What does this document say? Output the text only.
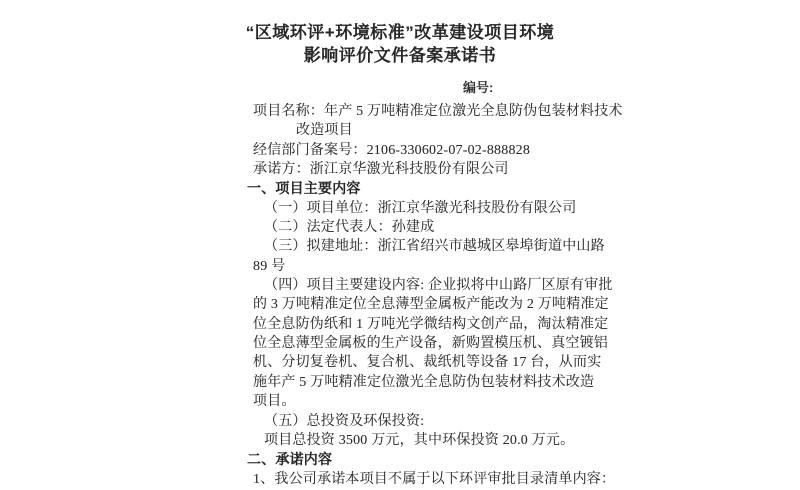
“区域环评+环境标准”改革建设项目环境
影响评价文件备案承诺书
编号:
项目名称：年产 5 万吨精准定位激光全息防伪包装材料技术
改造项目
经信部门备案号：2106-330602-07-02-888828
承诺方：浙江京华激光科技股份有限公司
一、项目主要内容
（一）项目单位：浙江京华激光科技股份有限公司
（二）法定代表人：孙建成
（三）拟建地址：浙江省绍兴市越城区皋埠街道中山路
89 号
（四）项目主要建设内容: 企业拟将中山路厂区原有审批
的 3 万吨精准定位全息薄型金属板产能改为 2 万吨精准定
位全息防伪纸和 1 万吨光学微结构文创产品，淘汰精准定
位全息薄型金属板的生产设备，新购置模压机、真空镀铝
机、分切复卷机、复合机、裁纸机等设备 17 台，从而实
施年产 5 万吨精准定位激光全息防伪包装材料技术改造
项目。
（五）总投资及环保投资:
项目总投资 3500 万元，其中环保投资 20.0 万元。
二、承诺内容
1、我公司承诺本项目不属于以下环评审批目录清单内容：
